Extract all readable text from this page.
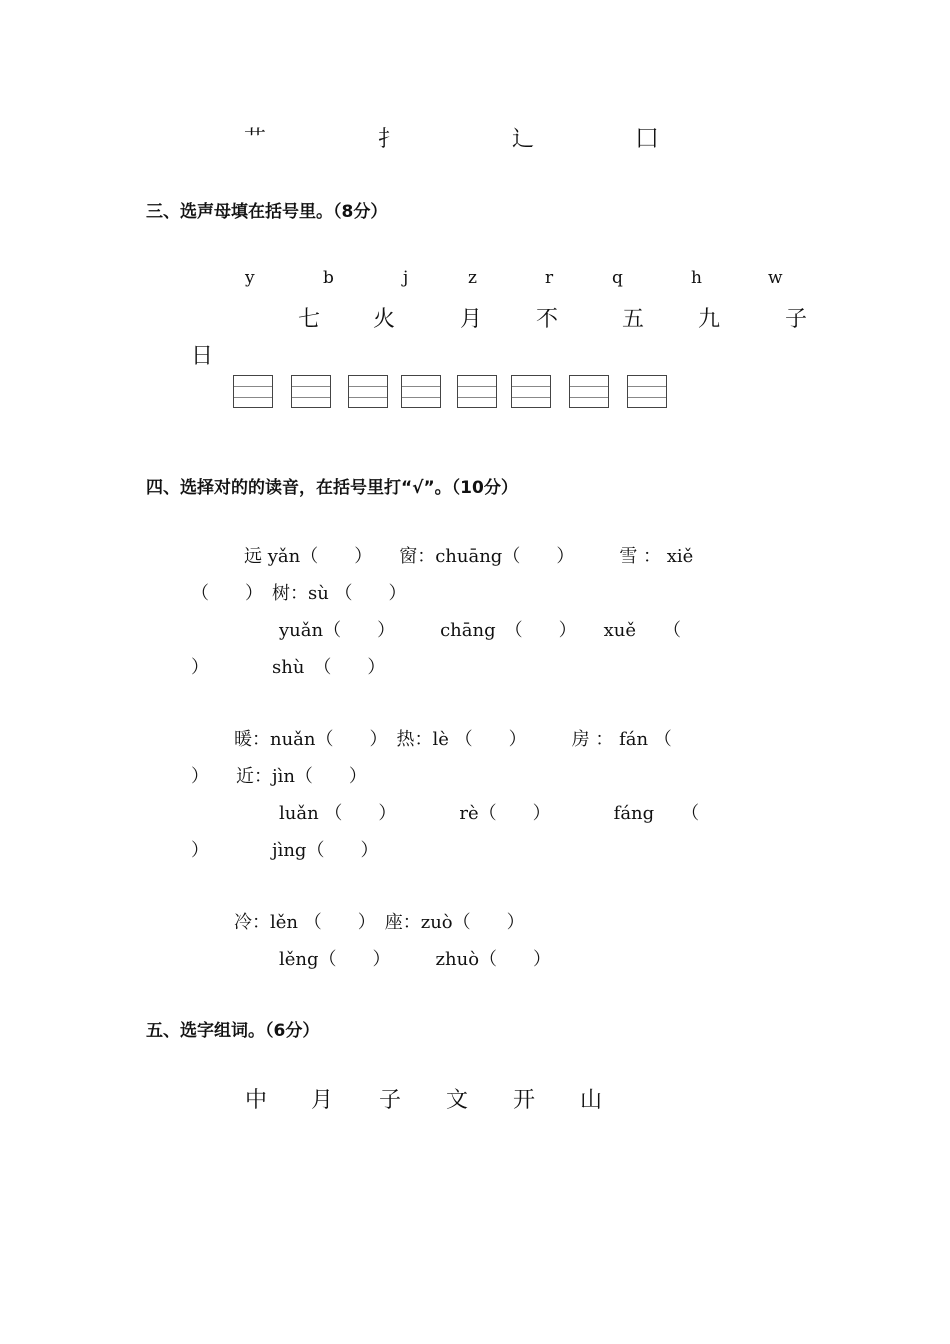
艹	扌	辶	囗
三、选声母填在括号里。（8分）
y	b	j	z	r	q	h	w
七 火	月 不	五 九	子
日
四、选择对的的读音，在括号里打“√”。（10分）
远 yǎn（　　）　　窗：chuāng（　　）　　　雪 ： xiě
（　　）　树：sù （　　）
yuǎn（　　）　　　chāng　（　　）　　xuě　　（
）　　　　shù　（　　）
暖：nuǎn（　　）　热：lè （　　）　　　房 ： fán （
）　　近：jìn（　　）
luǎn （　　）　　　　rè（　　）　　　　fáng　　（
）　　　　jìng（　　）
冷：lěn （　　）　座：zuò（　　）
lěng（　　）　　　zhuò（　　）
五、选字组词。（6分）
中 月 子 文 开 山
